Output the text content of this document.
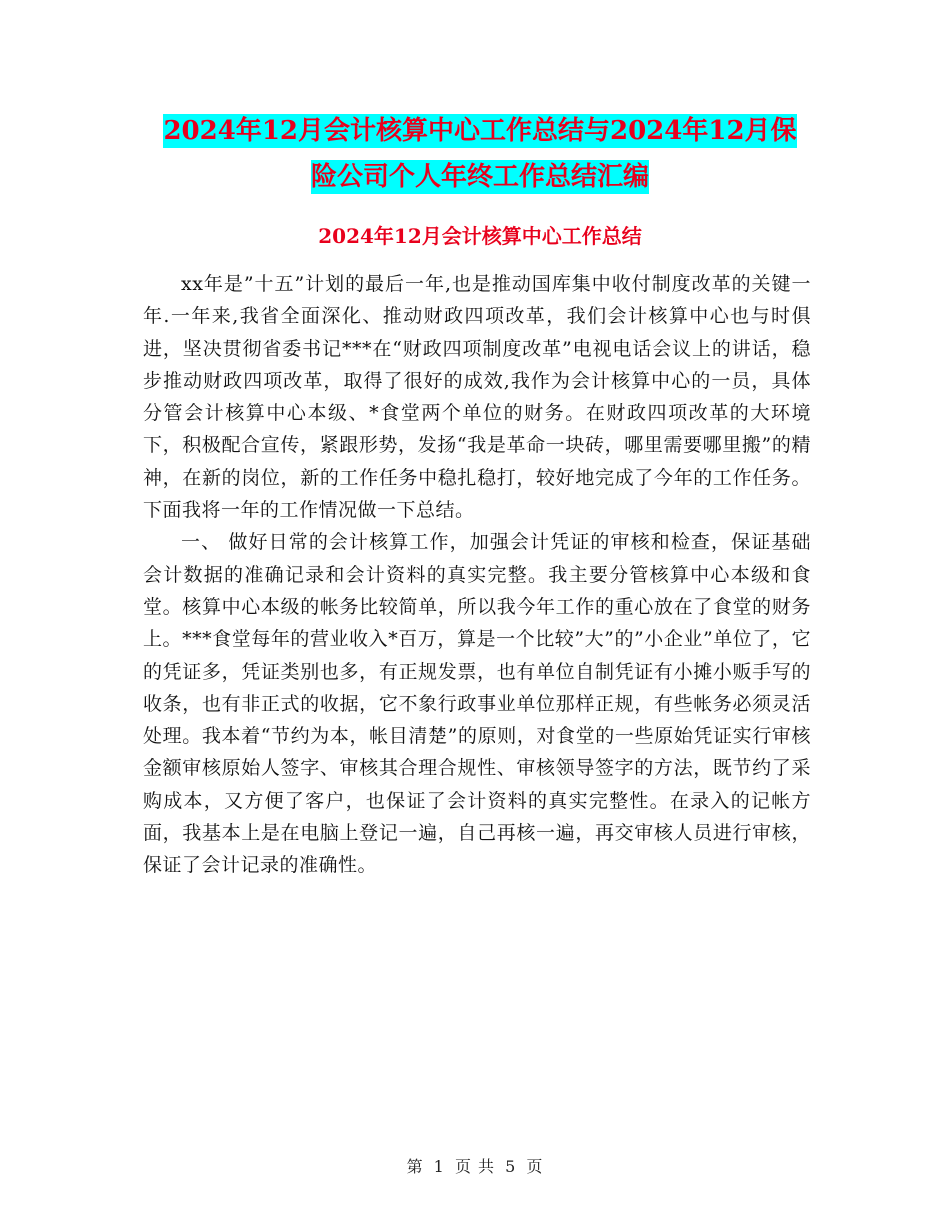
2024年12月会计核算中心工作总结与2024年12月保
险公司个人年终工作总结汇编
2024年12月会计核算中心工作总结

xx年是”十五”计划的最后一年,也是推动国库集中收付制度改革的关键一年.一年来,我省全面深化、推动财政四项改革，我们会计核算中心也与时俱进，坚决贯彻省委书记***在“财政四项制度改革”电视电话会议上的讲话，稳步推动财政四项改革，取得了很好的成效,我作为会计核算中心的一员，具体分管会计核算中心本级、*食堂两个单位的财务。在财政四项改革的大环境下，积极配合宣传，紧跟形势，发扬“我是革命一块砖，哪里需要哪里搬”的精神，在新的岗位，新的工作任务中稳扎稳打，较好地完成了今年的工作任务。下面我将一年的工作情况做一下总结。

一、 做好日常的会计核算工作，加强会计凭证的审核和检查，保证基础会计数据的准确记录和会计资料的真实完整。我主要分管核算中心本级和食堂。核算中心本级的帐务比较简单，所以我今年工作的重心放在了食堂的财务上。***食堂每年的营业收入*百万，算是一个比较”大”的”小企业”单位了，它的凭证多，凭证类别也多，有正规发票，也有单位自制凭证有小摊小贩手写的收条，也有非正式的收据，它不象行政事业单位那样正规，有些帐务必须灵活处理。我本着“节约为本，帐目清楚”的原则，对食堂的一些原始凭证实行审核金额审核原始人签字、审核其合理合规性、审核领导签字的方法，既节约了采购成本，又方便了客户，也保证了会计资料的真实完整性。在录入的记帐方面，我基本上是在电脑上登记一遍，自己再核一遍，再交审核人员进行审核，保证了会计记录的准确性。

第 1 页 共 5 页
